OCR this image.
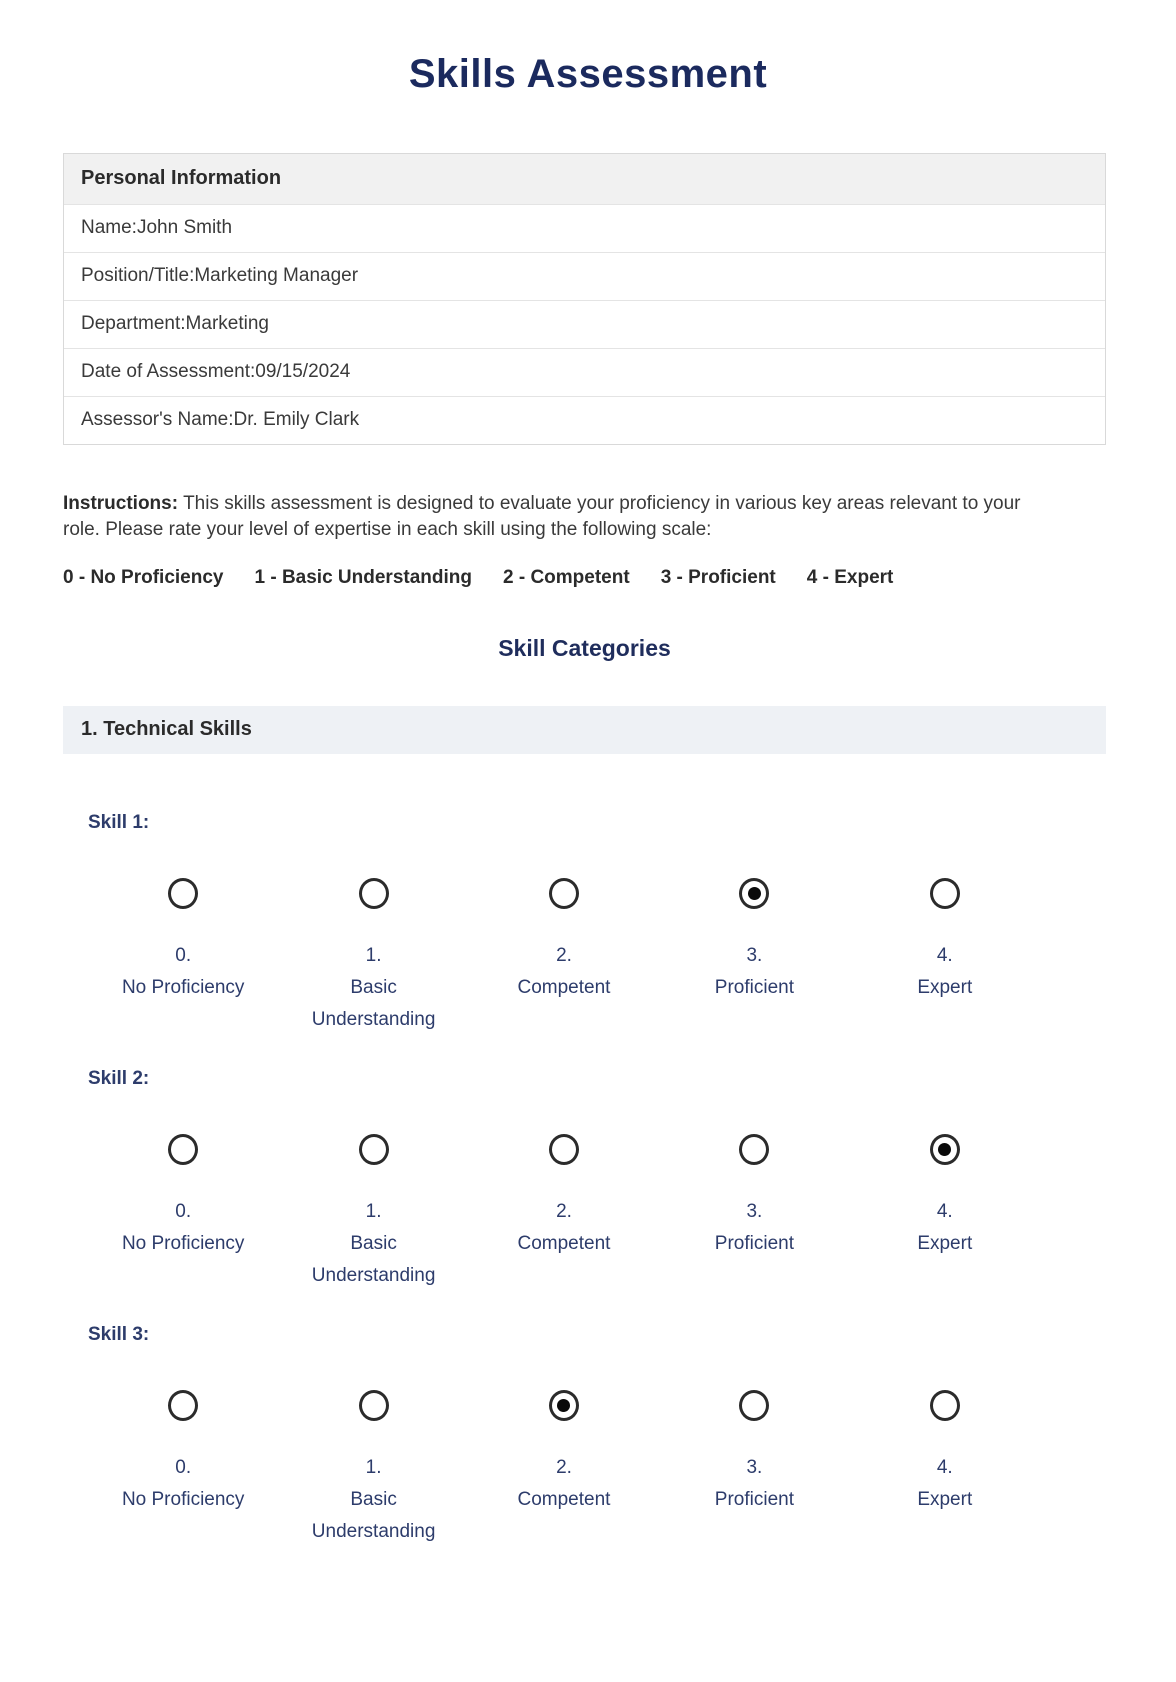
Skills Assessment
Personal Information
Name:John Smith
Position/Title:Marketing Manager
Department:Marketing
Date of Assessment:09/15/2024
Assessor's Name:Dr. Emily Clark

Instructions: This skills assessment is designed to evaluate your proficiency in various key areas relevant to your role. Please rate your level of expertise in each skill using the following scale:

0 - No Proficiency 1 - Basic Understanding 2 - Competent 3 - Proficient 4 - Expert
Skill Categories
1. Technical Skills
Skill 1:
0.
No Proficiency
1.
Basic Understanding
2.
Competent
3.
Proficient
4.
Expert
Skill 2:
0.
No Proficiency
1.
Basic Understanding
2.
Competent
3.
Proficient
4.
Expert
Skill 3:
0.
No Proficiency
1.
Basic Understanding
2.
Competent
3.
Proficient
4.
Expert
